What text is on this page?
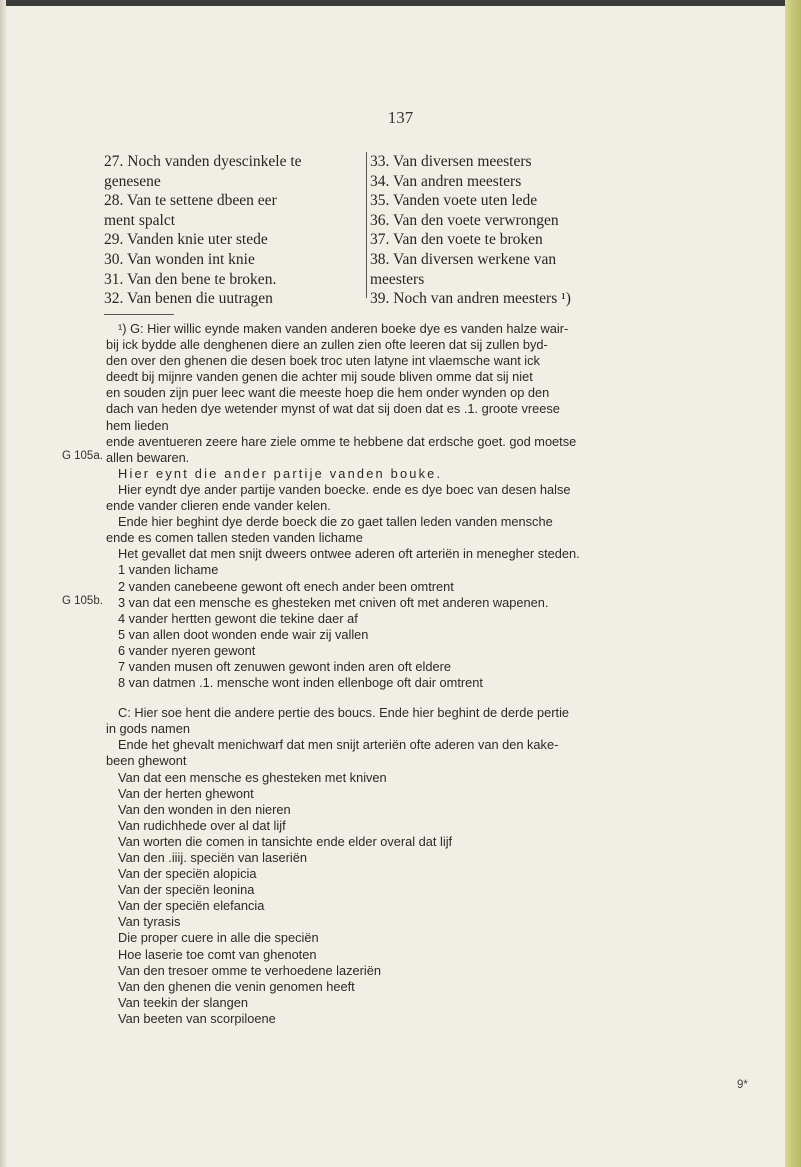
137
27. Noch vanden dyescinkele te
genesene
28. Van te settene dbeen eer
ment spalct
29. Vanden knie uter stede
30. Van wonden int knie
31. Van den bene te broken.
32. Van benen die uutragen
33. Van diversen meesters
34. Van andren meesters
35. Vanden voete uten lede
36. Van den voete verwrongen
37. Van den voete te broken
38. Van diversen werkene van
meesters
39. Noch van andren meesters ¹)
G 105a.
G 105b.
¹) G: Hier willic eynde maken vanden anderen boeke dye es vanden halze wair-
bij ick bydde alle denghenen diere an zullen zien ofte leeren dat sij zullen byd-
den over den ghenen die desen boek troc uten latyne int vlaemsche want ick
deedt bij mijnre vanden genen die achter mij soude bliven omme dat sij niet
en souden zijn puer leec want die meeste hoep die hem onder wynden op den
dach van heden dye wetender mynst of wat dat sij doen dat es .1. groote vreese
hem lieden
ende aventueren zeere hare ziele omme te hebbene dat erdsche goet. god moetse
allen bewaren.
Hier eynt die ander partije vanden bouke.
Hier eyndt dye ander partije vanden boecke. ende es dye boec van desen halse
ende vander clieren ende vander kelen.
Ende hier beghint dye derde boeck die zo gaet tallen leden vanden mensche
ende es comen tallen steden vanden lichame
Het gevallet dat men snijt dweers ontwee aderen oft arteriën in menegher steden.
1 vanden lichame
2 vanden canebeene gewont oft enech ander been omtrent
3 van dat een mensche es ghesteken met cniven oft met anderen wapenen.
4 vander hertten gewont die tekine daer af
5 van allen doot wonden ende wair zij vallen
6 vander nyeren gewont
7 vanden musen oft zenuwen gewont inden aren oft eldere
8 van datmen .1. mensche wont inden ellenboge oft dair omtrent
C: Hier soe hent die andere pertie des boucs. Ende hier beghint de derde pertie
in gods namen
Ende het ghevalt menichwarf dat men snijt arteriën ofte aderen van den kake-
been ghewont
Van dat een mensche es ghesteken met kniven
Van der herten ghewont
Van den wonden in den nieren
Van rudichhede over al dat lijf
Van worten die comen in tansichte ende elder overal dat lijf
Van den .iiij. speciën van laseriën
Van der speciën alopicia
Van der speciën leonina
Van der speciën elefancia
Van tyrasis
Die proper cuere in alle die speciën
Hoe laserie toe comt van ghenoten
Van den tresoer omme te verhoedene lazeriën
Van den ghenen die venin genomen heeft
Van teekin der slangen
Van beeten van scorpiloene
9*
